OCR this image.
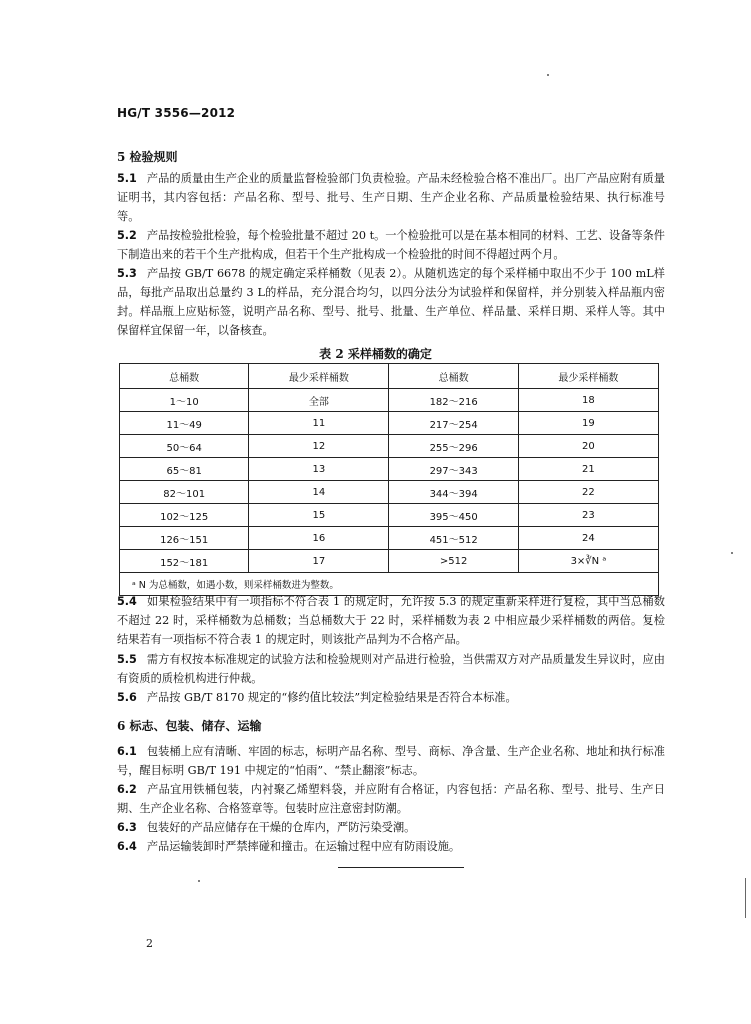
HG/T 3556—2012
5 检验规则
5.1 产品的质量由生产企业的质量监督检验部门负责检验。产品未经检验合格不准出厂。出厂产品应附有质量证明书，其内容包括：产品名称、型号、批号、生产日期、生产企业名称、产品质量检验结果、执行标准号等。
5.2 产品按检验批检验，每个检验批量不超过 20 t。一个检验批可以是在基本相同的材料、工艺、设备等条件下制造出来的若干个生产批构成，但若干个生产批构成一个检验批的时间不得超过两个月。
5.3 产品按 GB/T 6678 的规定确定采样桶数（见表 2）。从随机选定的每个采样桶中取出不少于 100 mL样品，每批产品取出总量约 3 L的样品，充分混合均匀，以四分法分为试验样和保留样，并分别装入样品瓶内密封。样品瓶上应贴标签，说明产品名称、型号、批号、批量、生产单位、样品量、采样日期、采样人等。其中保留样宜保留一年，以备核查。
表 2 采样桶数的确定
总桶数	最少采样桶数	总桶数	最少采样桶数
1～10	全部	182～216	18
11～49	11	217～254	19
50～64	12	255～296	20
65～81	13	297～343	21
82～101	14	344～394	22
102～125	15	395～450	23
126～151	16	451～512	24
152～181	17	>512	3×∛N ᵃ
ᵃ N 为总桶数，如遇小数，则采样桶数进为整数。			
5.4 如果检验结果中有一项指标不符合表 1 的规定时，允许按 5.3 的规定重新采样进行复检，其中当总桶数不超过 22 时，采样桶数为总桶数；当总桶数大于 22 时，采样桶数为表 2 中相应最少采样桶数的两倍。复检结果若有一项指标不符合表 1 的规定时，则该批产品判为不合格产品。
5.5 需方有权按本标准规定的试验方法和检验规则对产品进行检验，当供需双方对产品质量发生异议时，应由有资质的质检机构进行仲裁。
5.6 产品按 GB/T 8170 规定的“修约值比较法”判定检验结果是否符合本标准。
6 标志、包装、储存、运输
6.1 包装桶上应有清晰、牢固的标志，标明产品名称、型号、商标、净含量、生产企业名称、地址和执行标准号，醒目标明 GB/T 191 中规定的“怕雨”、“禁止翻滚”标志。
6.2 产品宜用铁桶包装，内衬聚乙烯塑料袋，并应附有合格证，内容包括：产品名称、型号、批号、生产日期、生产企业名称、合格签章等。包装时应注意密封防潮。
6.3 包装好的产品应储存在干燥的仓库内，严防污染受潮。
6.4 产品运输装卸时严禁摔碰和撞击。在运输过程中应有防雨设施。
2
